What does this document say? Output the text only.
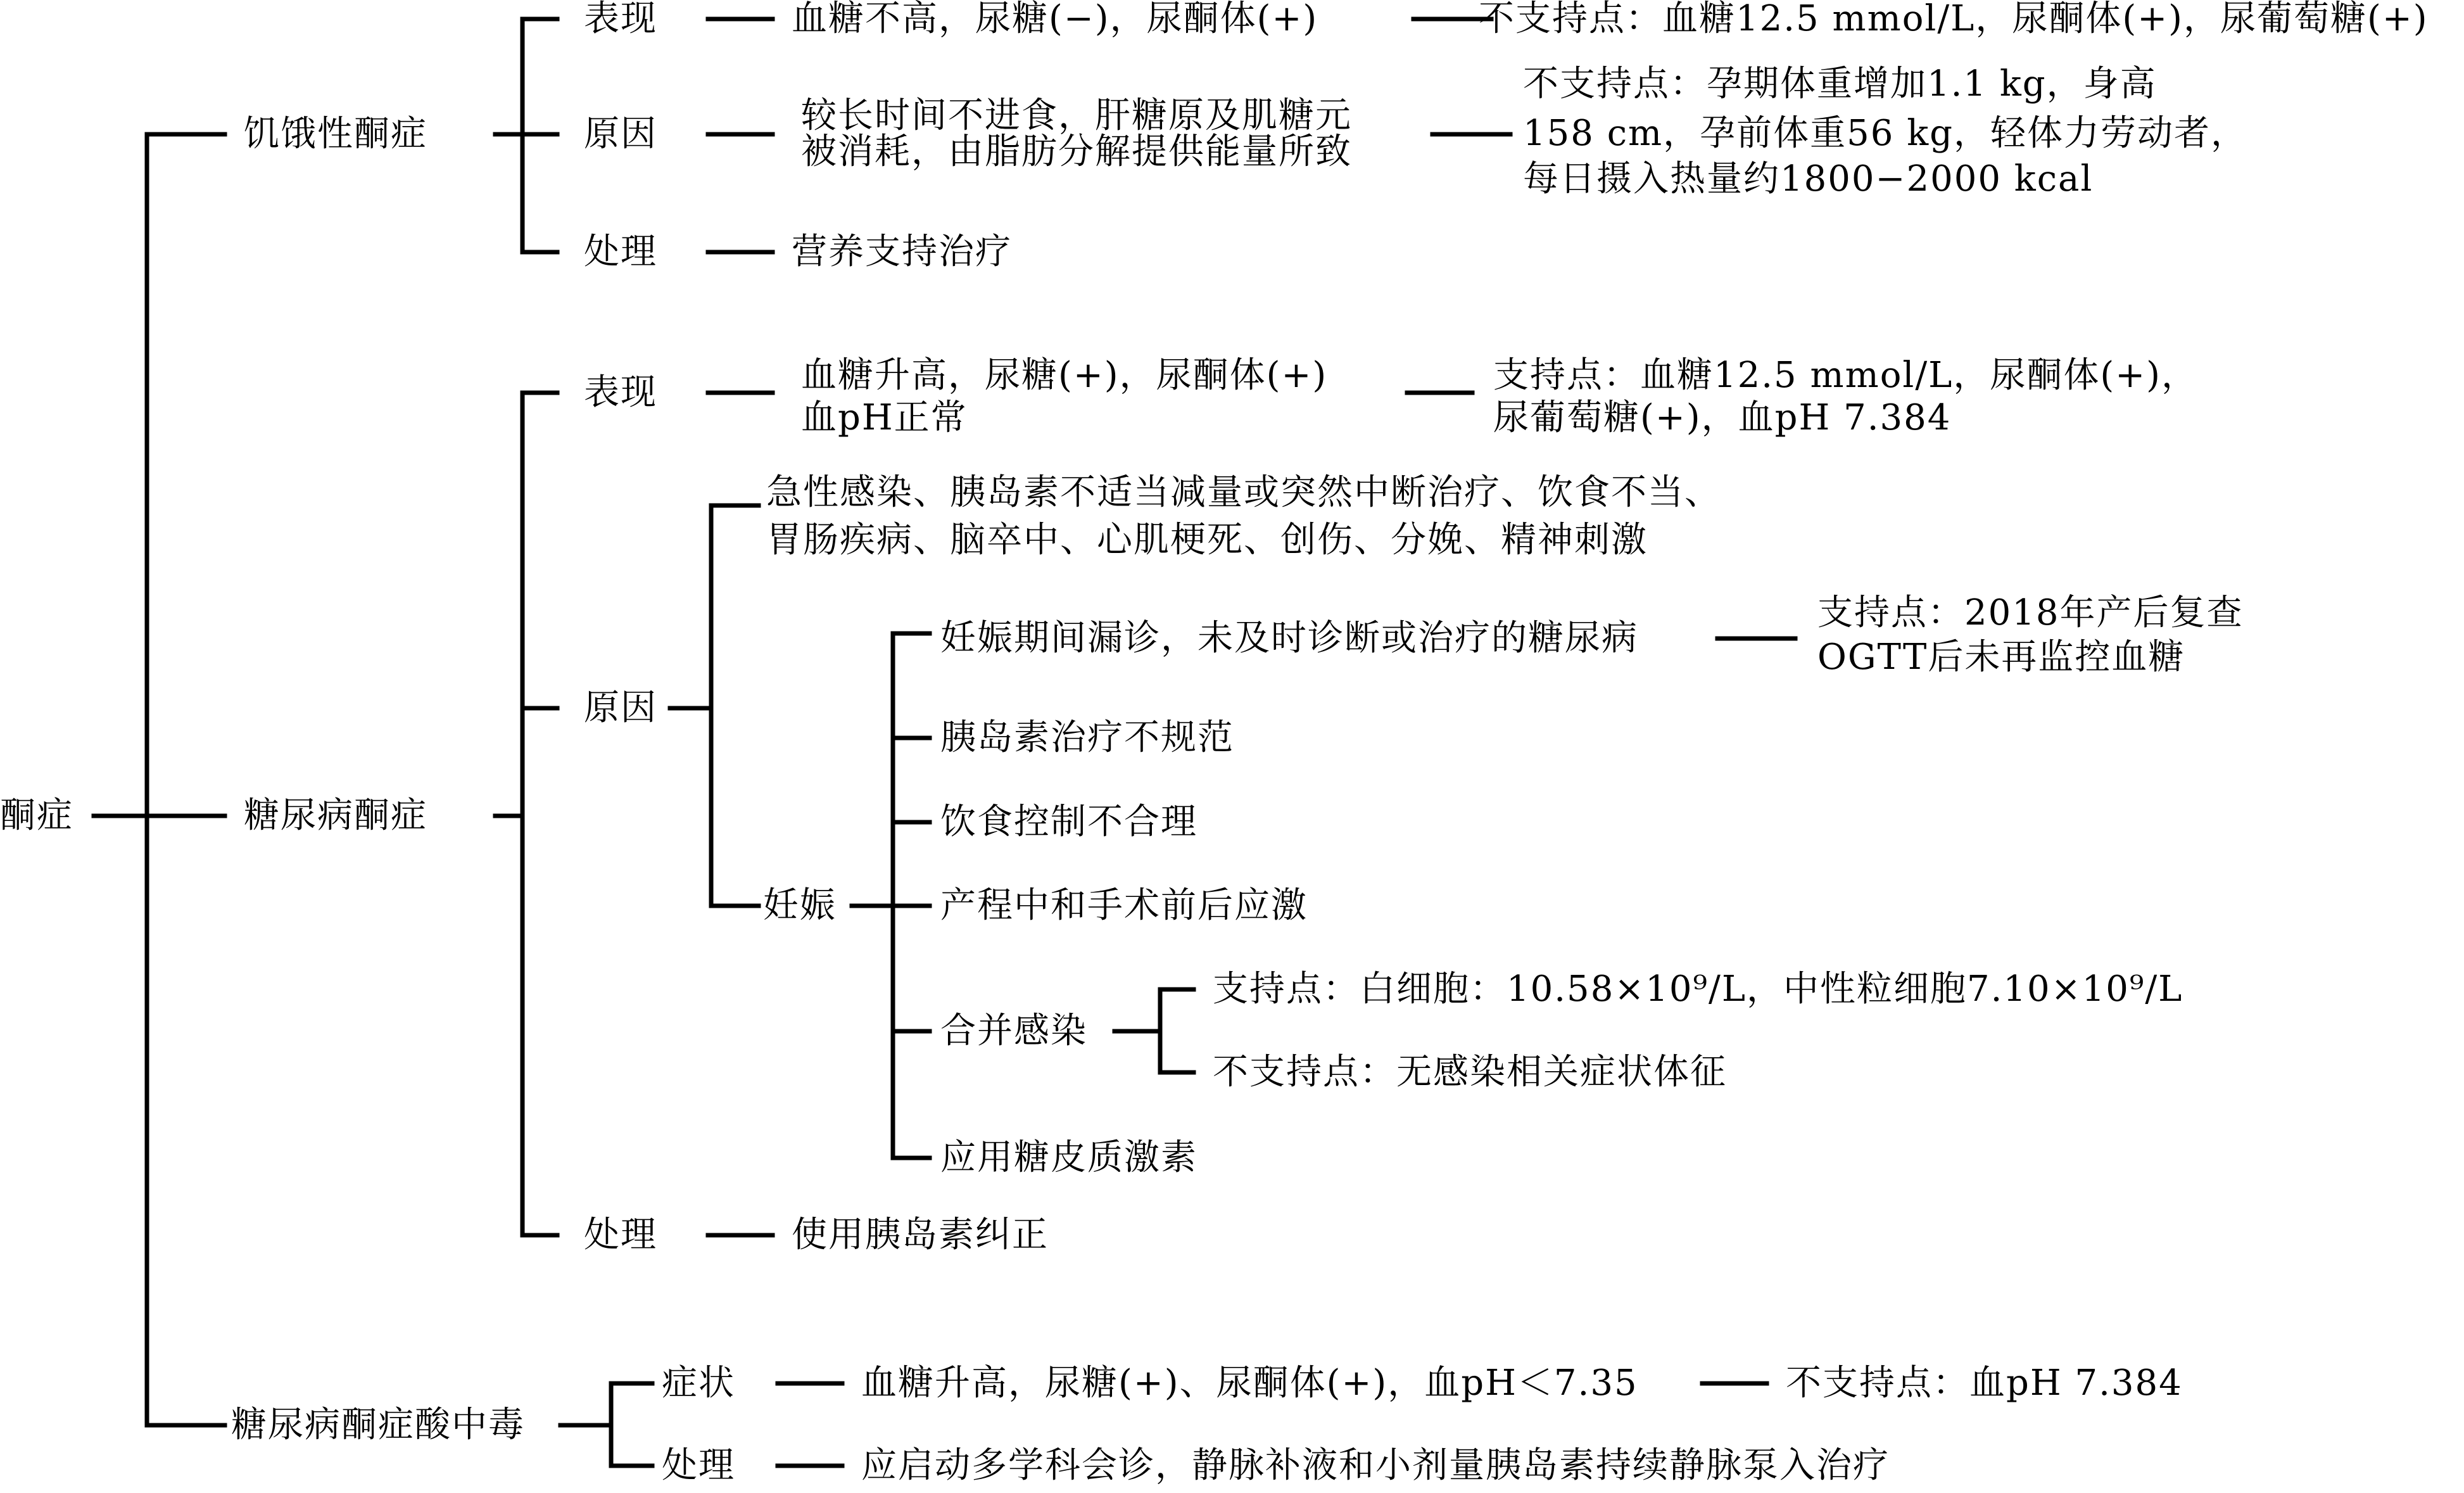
酮症
饥饿性酮症
表现	血糖不高，尿糖(−)，尿酮体(+)	不支持点：血糖12.5 mmol/L，尿酮体(+)，尿葡萄糖(+)
原因	较长时间不进食，肝糖原及肌糖元
被消耗，由脂肪分解提供能量所致
不支持点：孕期体重增加1.1 kg，身高
158 cm，孕前体重56 kg，轻体力劳动者，
每日摄入热量约1800−2000 kcal
处理	营养支持治疗
糖尿病酮症
表现	血糖升高，尿糖(+)，尿酮体(+)
血pH正常
支持点：血糖12.5 mmol/L，尿酮体(+)，
尿葡萄糖(+)，血pH 7.384
原因
急性感染、胰岛素不适当减量或突然中断治疗、饮食不当、
胃肠疾病、脑卒中、心肌梗死、创伤、分娩、精神刺激
妊娠
妊娠期间漏诊，未及时诊断或治疗的糖尿病
支持点：2018年产后复查
OGTT后未再监控血糖
胰岛素治疗不规范
饮食控制不合理
产程中和手术前后应激
合并感染
支持点：白细胞：10.58×10⁹/L，中性粒细胞7.10×10⁹/L
不支持点：无感染相关症状体征
应用糖皮质激素
处理	使用胰岛素纠正
糖尿病酮症酸中毒
症状	血糖升高，尿糖(+)、尿酮体(+)，血pH＜7.35	不支持点：血pH 7.384
处理	应启动多学科会诊，静脉补液和小剂量胰岛素持续静脉泵入治疗
